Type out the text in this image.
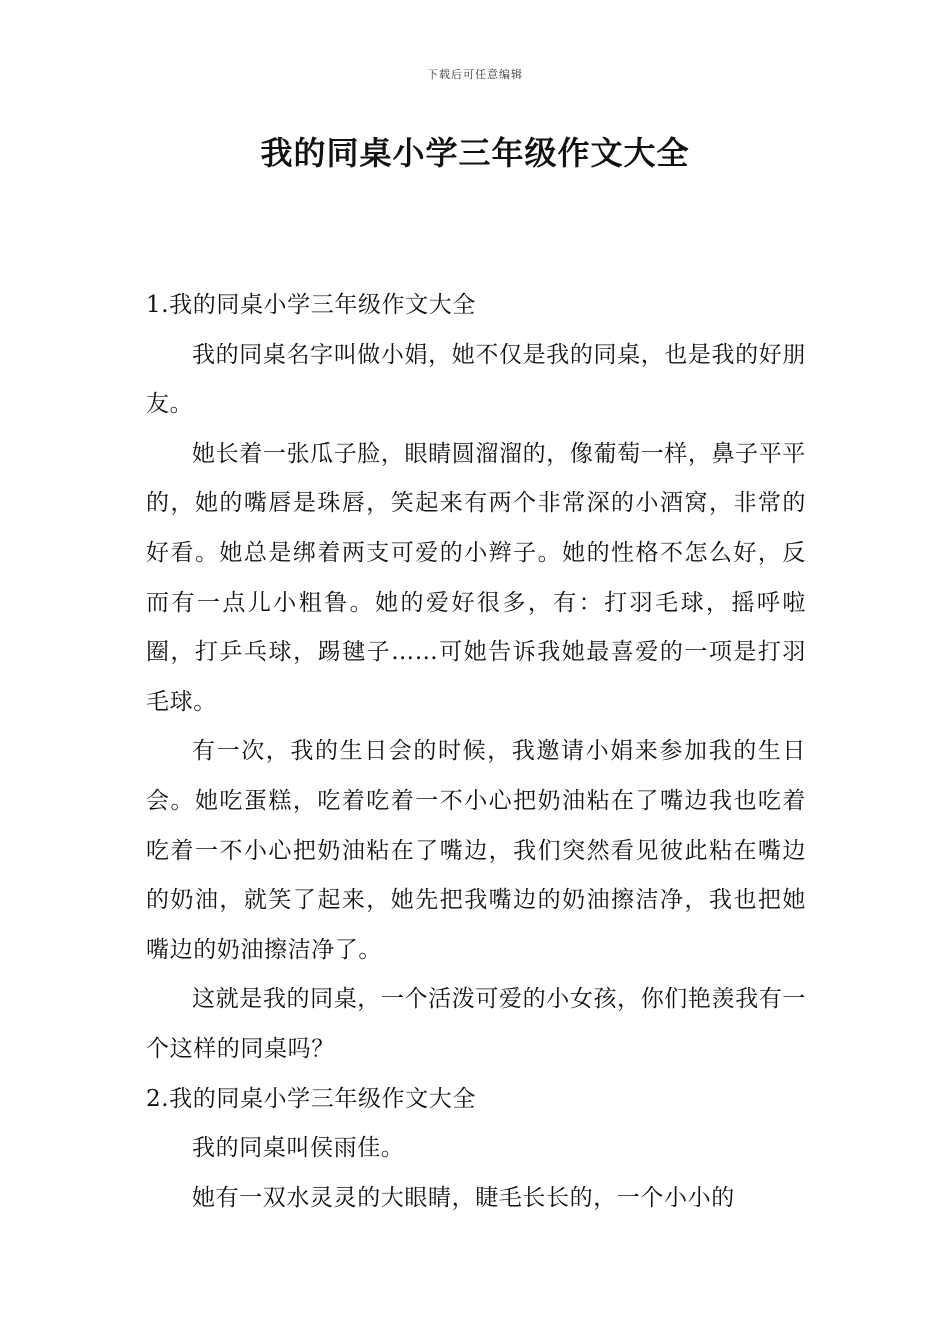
下载后可任意编辑
我的同桌小学三年级作文大全

1.我的同桌小学三年级作文大全

我的同桌名字叫做小娟，她不仅是我的同桌，也是我的好朋友。

她长着一张瓜子脸，眼睛圆溜溜的，像葡萄一样，鼻子平平的，她的嘴唇是珠唇，笑起来有两个非常深的小酒窝，非常的好看。她总是绑着两支可爱的小辫子。她的性格不怎么好，反而有一点儿小粗鲁。她的爱好很多，有：打羽毛球，摇呼啦圈，打乒乓球，踢毽子……可她告诉我她最喜爱的一项是打羽毛球。

有一次，我的生日会的时候，我邀请小娟来参加我的生日会。她吃蛋糕，吃着吃着一不小心把奶油粘在了嘴边我也吃着吃着一不小心把奶油粘在了嘴边，我们突然看见彼此粘在嘴边的奶油，就笑了起来，她先把我嘴边的奶油擦洁净，我也把她嘴边的奶油擦洁净了。

这就是我的同桌，一个活泼可爱的小女孩，你们艳羡我有一个这样的同桌吗？

2.我的同桌小学三年级作文大全

我的同桌叫侯雨佳。

她有一双水灵灵的大眼睛，睫毛长长的，一个小小的
